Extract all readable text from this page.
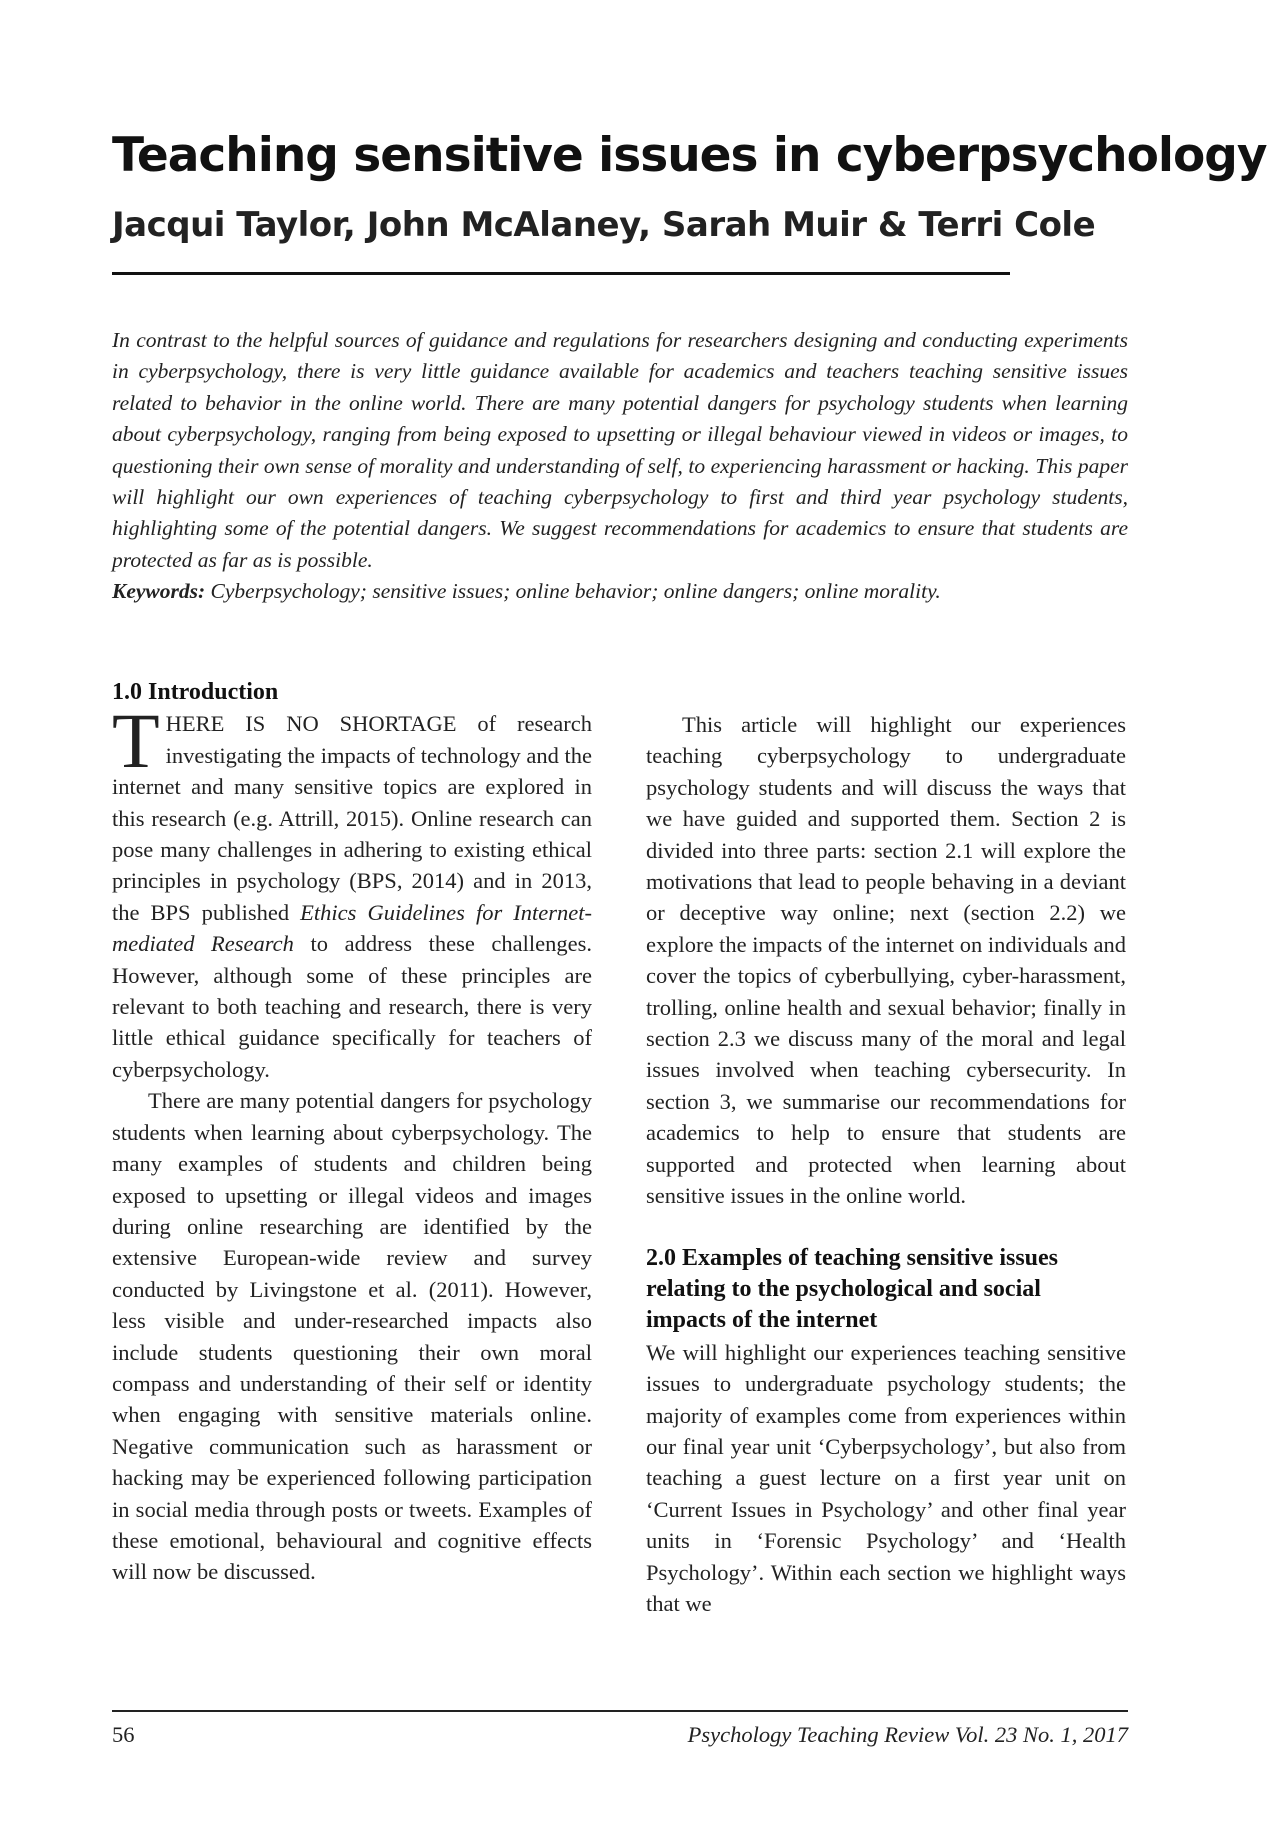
Teaching sensitive issues in cyberpsychology
Jacqui Taylor, John McAlaney, Sarah Muir & Terri Cole

In contrast to the helpful sources of guidance and regulations for researchers designing and conducting experiments in cyberpsychology, there is very little guidance available for academics and teachers teaching sensitive issues related to behavior in the online world. There are many potential dangers for psychology students when learning about cyberpsychology, ranging from being exposed to upsetting or illegal behaviour viewed in videos or images, to questioning their own sense of morality and understanding of self, to experiencing harassment or hacking. This paper will highlight our own experiences of teaching cyberpsychology to first and third year psychology students, highlighting some of the potential dangers. We suggest recommendations for academics to ensure that students are protected as far as is possible.
Keywords: Cyberpsychology; sensitive issues; online behavior; online dangers; online morality.

1.0 Introduction

THERE IS NO SHORTAGE of research investigating the impacts of technology and the internet and many sensitive topics are explored in this research (e.g. Attrill, 2015). Online research can pose many challenges in adhering to existing ethical principles in psychology (BPS, 2014) and in 2013, the BPS published Ethics Guidelines for Internet-mediated Research to address these challenges. However, although some of these principles are relevant to both teaching and research, there is very little ethical guidance specifically for teachers of cyberpsychology.

There are many potential dangers for psychology students when learning about cyberpsychology. The many examples of students and children being exposed to upsetting or illegal videos and images during online researching are identified by the extensive European-wide review and survey conducted by Livingstone et al. (2011). However, less visible and under-researched impacts also include students questioning their own moral compass and understanding of their self or identity when engaging with sensitive materials online. Negative communication such as harassment or hacking may be experienced following participation in social media through posts or tweets. Examples of these emotional, behavioural and cognitive effects will now be discussed.

This article will highlight our experiences teaching cyberpsychology to undergraduate psychology students and will discuss the ways that we have guided and supported them. Section 2 is divided into three parts: section 2.1 will explore the motivations that lead to people behaving in a deviant or deceptive way online; next (section 2.2) we explore the impacts of the internet on individuals and cover the topics of cyberbullying, cyber-harassment, trolling, online health and sexual behavior; finally in section 2.3 we discuss many of the moral and legal issues involved when teaching cybersecurity. In section 3, we summarise our recommendations for academics to help to ensure that students are supported and protected when learning about sensitive issues in the online world.

2.0 Examples of teaching sensitive issues relating to the psychological and social impacts of the internet

We will highlight our experiences teaching sensitive issues to undergraduate psychology students; the majority of examples come from experiences within our final year unit ‘Cyberpsychology’, but also from teaching a guest lecture on a first year unit on ‘Current Issues in Psychology’ and other final year units in ‘Forensic Psychology’ and ‘Health Psychology’. Within each section we highlight ways that we

56	Psychology Teaching Review Vol. 23 No. 1, 2017
